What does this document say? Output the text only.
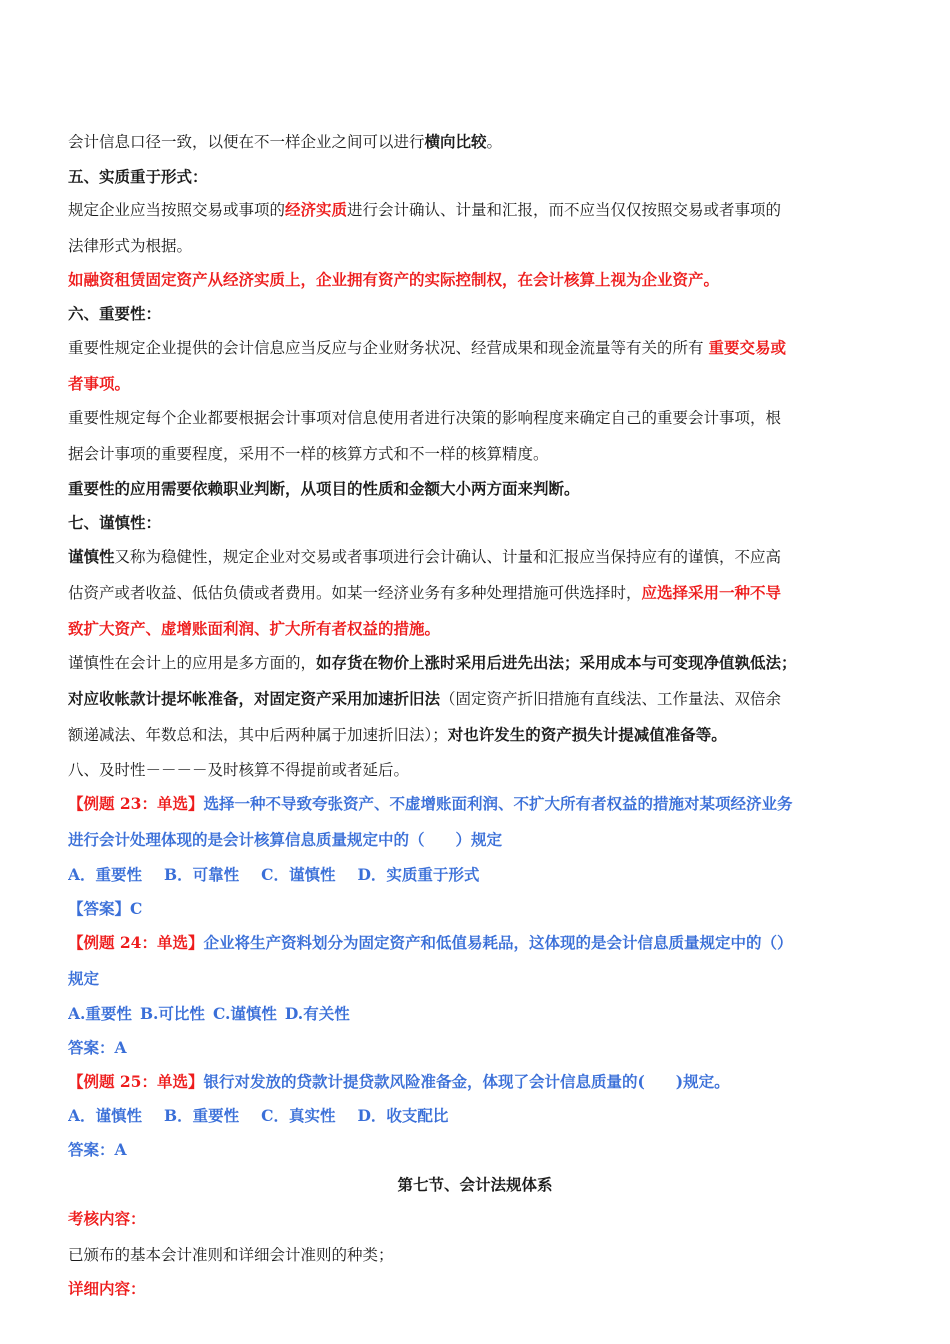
会计信息口径一致，以便在不一样企业之间可以进行横向比较。
五、实质重于形式：
规定企业应当按照交易或事项的经济实质进行会计确认、计量和汇报，而不应当仅仅按照交易或者事项的
法律形式为根据。
如融资租赁固定资产从经济实质上，企业拥有资产的实际控制权，在会计核算上视为企业资产。
六、重要性：
重要性规定企业提供的会计信息应当反应与企业财务状况、经营成果和现金流量等有关的所有 重要交易或
者事项。
重要性规定每个企业都要根据会计事项对信息使用者进行决策的影响程度来确定自己的重要会计事项，根
据会计事项的重要程度，采用不一样的核算方式和不一样的核算精度。
重要性的应用需要依赖职业判断，从项目的性质和金额大小两方面来判断。
七、谨慎性：
谨慎性又称为稳健性，规定企业对交易或者事项进行会计确认、计量和汇报应当保持应有的谨慎，不应高
估资产或者收益、低估负债或者费用。如某一经济业务有多种处理措施可供选择时，应选择采用一种不导
致扩大资产、虚增账面利润、扩大所有者权益的措施。
谨慎性在会计上的应用是多方面的，如存货在物价上涨时采用后进先出法；采用成本与可变现净值孰低法；
对应收帐款计提坏帐准备，对固定资产采用加速折旧法（固定资产折旧措施有直线法、工作量法、双倍余
额递减法、年数总和法，其中后两种属于加速折旧法）；对也许发生的资产损失计提减值准备等。
八、及时性－－－－及时核算不得提前或者延后。
【例题 23：单选】选择一种不导致夸张资产、不虚增账面利润、不扩大所有者权益的措施对某项经济业务
进行会计处理体现的是会计核算信息质量规定中的（　　）规定
A．重要性 B．可靠性 C．谨慎性 D．实质重于形式
【答案】C
【例题 24：单选】企业将生产资料划分为固定资产和低值易耗品，这体现的是会计信息质量规定中的（）
规定
A.重要性 B.可比性 C.谨慎性 D.有关性
答案：A
【例题 25：单选】银行对发放的贷款计提贷款风险准备金，体现了会计信息质量的(　　)规定。
A．谨慎性 B．重要性 C．真实性 D．收支配比
答案：A
第七节、会计法规体系
考核内容：
已颁布的基本会计准则和详细会计准则的种类；
详细内容：
